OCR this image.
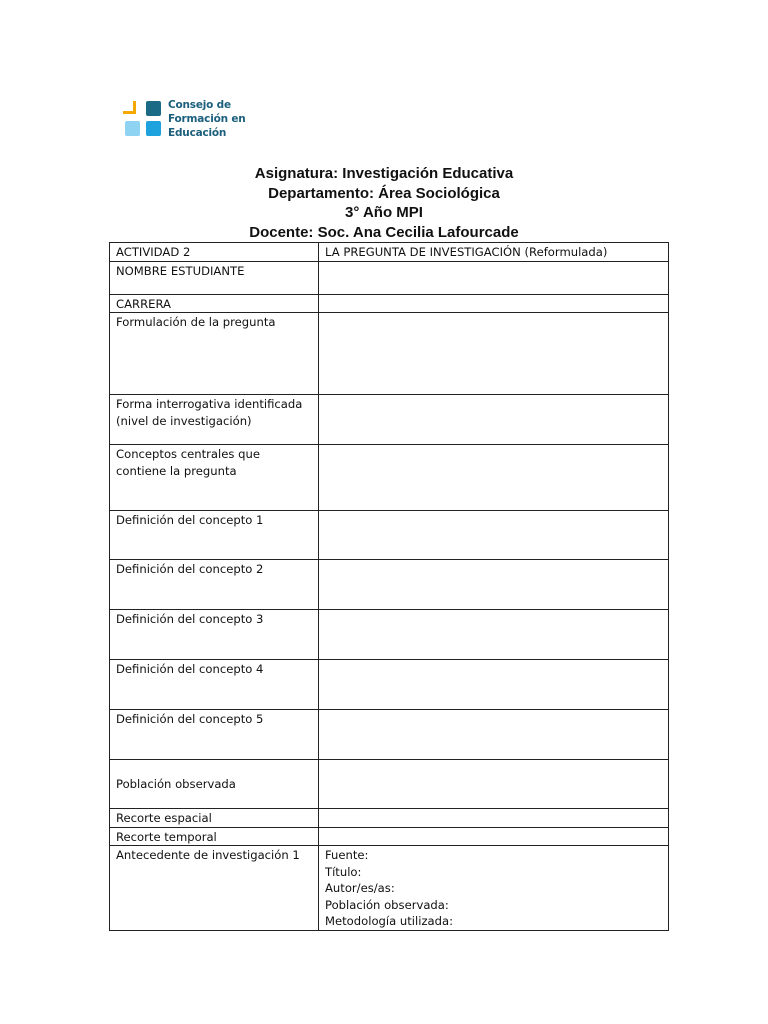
Consejo de
Formación en
Educación
Asignatura: Investigación Educativa
Departamento: Área Sociológica
3° Año MPI
Docente: Soc. Ana Cecilia Lafourcade
ACTIVIDAD 2	LA PREGUNTA DE INVESTIGACIÓN (Reformulada)
NOMBRE ESTUDIANTE	
CARRERA	
Formulación de la pregunta	
Forma interrogativa identificada (nivel de investigación)	
Conceptos centrales que contiene la pregunta	
Definición del concepto 1	
Definición del concepto 2	
Definición del concepto 3	
Definición del concepto 4	
Definición del concepto 5	
Población observada	
Recorte espacial	
Recorte temporal	
Antecedente de investigación 1	Fuente:
Título:
Autor/es/as:
Población observada:
Metodología utilizada:
